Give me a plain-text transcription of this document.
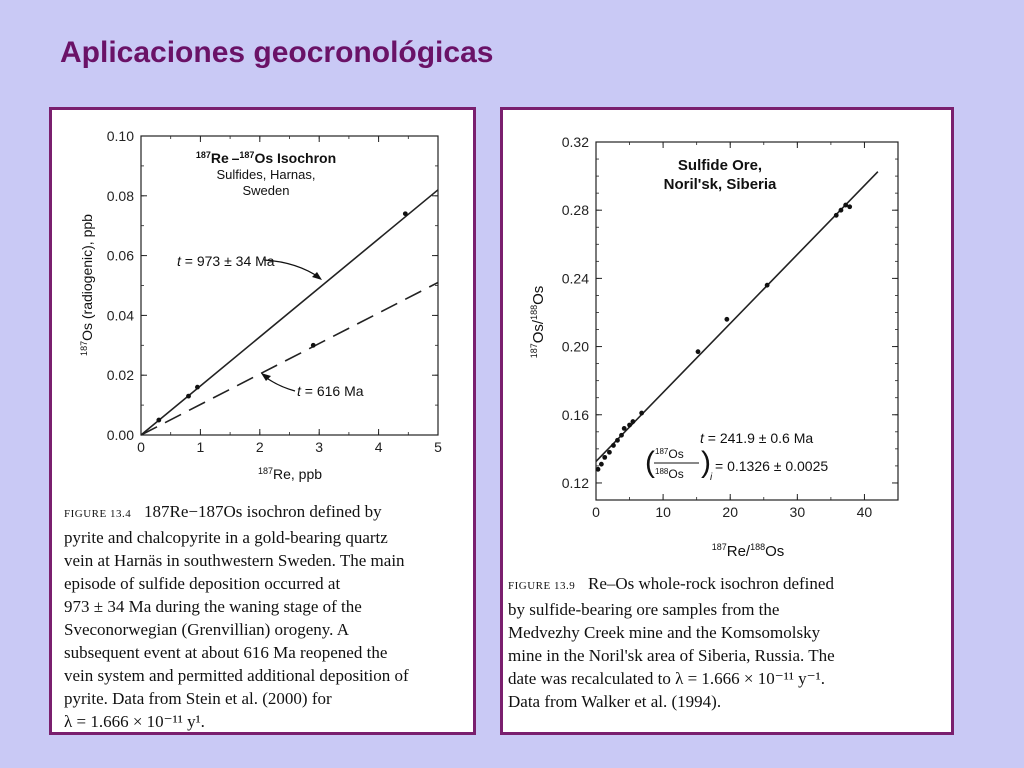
Aplicaciones geocronológicas
0	1	2	3	4	5
0.00
0.02
0.04
0.06
0.08
0.10
$^{187}$Re –$^{187}$Os Isochron
Sulfides, Harnas,
Sweden
$^{187}$Re, ppb
$^{187}$Os (radiogenic), ppb	t = 973 ± 34 Ma
t = 616 Ma
FIGURE 13.4 187Re−187Os isochron defined by
pyrite and chalcopyrite in a gold-bearing quartz
vein at Harnäs in southwestern Sweden. The main
episode of sulfide deposition occurred at
973 ± 34 Ma during the waning stage of the
Sveconorwegian (Grenvillian) orogeny. A
subsequent event at about 616 Ma reopened the
vein system and permitted additional deposition of
pyrite. Data from Stein et al. (2000) for
λ = 1.666 × 10⁻¹¹ y¹.
0	10	20	30	40
0.12
0.16
0.20
0.24
0.28
0.32
Sulfide Ore,
Noril'sk, Siberia
$^{187}$Re/$^{188}$Os
$^{187}$Os/$^{188}$Os
t = 241.9 ± 0.6 Ma
( )
$^{187}$Os
$^{188}$Os	i
= 0.1326 ± 0.0025
FIGURE 13.9 Re–Os whole-rock isochron defined
by sulfide-bearing ore samples from the
Medvezhy Creek mine and the Komsomolsky
mine in the Noril'sk area of Siberia, Russia. The
date was recalculated to λ = 1.666 × 10⁻¹¹ y⁻¹.
Data from Walker et al. (1994).
